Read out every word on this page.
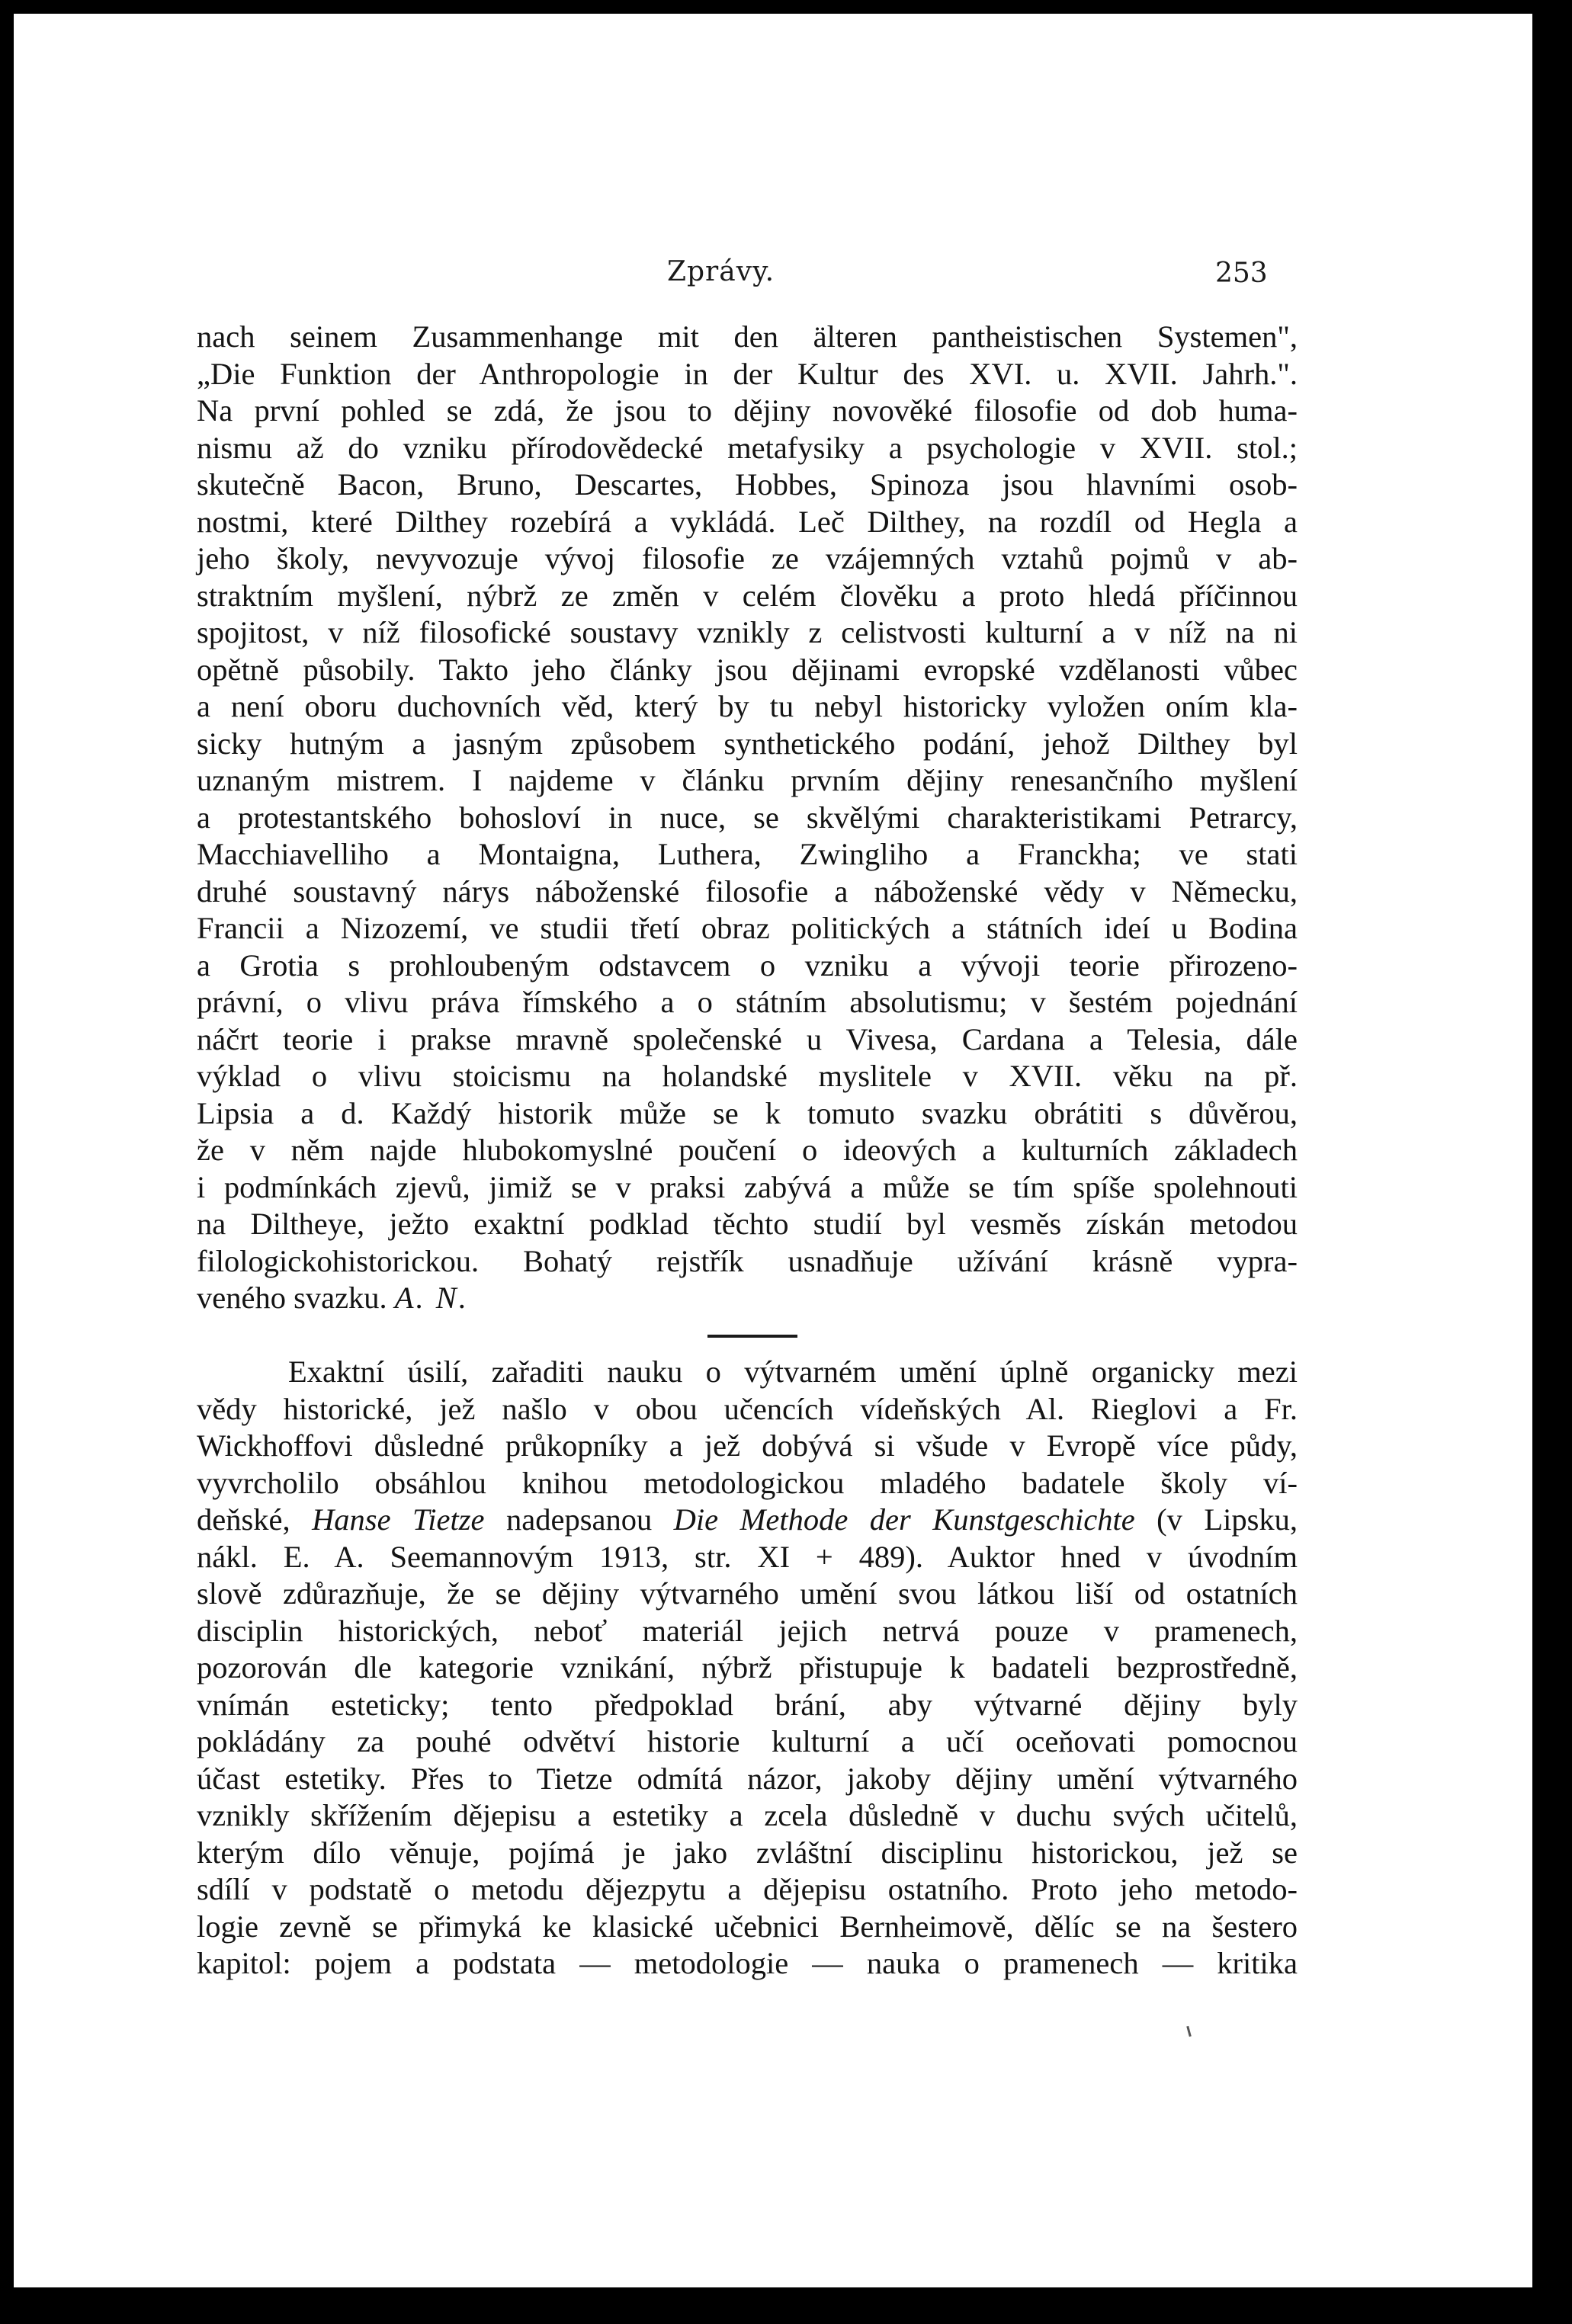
Zprávy.	253
nach seinem Zusammenhange mit den älteren pantheistischen Systemen",
„Die Funktion der Anthropologie in der Kultur des XVI. u. XVII. Jahrh.".
Na první pohled se zdá, že jsou to dějiny novověké filosofie od dob huma-
nismu až do vzniku přírodovědecké metafysiky a psychologie v XVII. stol.;
skutečně Bacon, Bruno, Descartes, Hobbes, Spinoza jsou hlavními osob-
nostmi, které Dilthey rozebírá a vykládá. Leč Dilthey, na rozdíl od Hegla a
jeho školy, nevyvozuje vývoj filosofie ze vzájemných vztahů pojmů v ab-
straktním myšlení, nýbrž ze změn v celém člověku a proto hledá příčinnou
spojitost, v níž filosofické soustavy vznikly z celistvosti kulturní a v níž na ni
opětně působily. Takto jeho články jsou dějinami evropské vzdělanosti vůbec
a není oboru duchovních věd, který by tu nebyl historicky vyložen oním kla-
sicky hutným a jasným způsobem synthetického podání, jehož Dilthey byl
uznaným mistrem. I najdeme v článku prvním dějiny renesančního myšlení
a protestantského bohosloví in nuce, se skvělými charakteristikami Petrarcy,
Macchiavelliho a Montaigna, Luthera, Zwingliho a Franckha; ve stati
druhé soustavný nárys náboženské filosofie a náboženské vědy v Německu,
Francii a Nizozemí, ve studii třetí obraz politických a státních ideí u Bodina
a Grotia s prohloubeným odstavcem o vzniku a vývoji teorie přirozeno-
právní, o vlivu práva římského a o státním absolutismu; v šestém pojednání
náčrt teorie i prakse mravně společenské u Vivesa, Cardana a Telesia, dále
výklad o vlivu stoicismu na holandské myslitele v XVII. věku na př.
Lipsia a d. Každý historik může se k tomuto svazku obrátiti s důvěrou,
že v něm najde hlubokomyslné poučení o ideových a kulturních základech
i podmínkách zjevů, jimiž se v praksi zabývá a může se tím spíše spolehnouti
na Diltheye, ježto exaktní podklad těchto studií byl vesměs získán metodou
filologickohistorickou. Bohatý rejstřík usnadňuje užívání krásně vypra-
veného svazku. A. N.
Exaktní úsilí, zařaditi nauku o výtvarném umění úplně organicky mezi
vědy historické, jež našlo v obou učencích vídeňských Al. Rieglovi a Fr.
Wickhoffovi důsledné průkopníky a jež dobývá si všude v Evropě více půdy,
vyvrcholilo obsáhlou knihou metodologickou mladého badatele školy ví-
deňské, Hanse Tietze nadepsanou Die Methode der Kunstgeschichte (v Lipsku,
nákl. E. A. Seemannovým 1913, str. XI + 489). Auktor hned v úvodním
slově zdůrazňuje, že se dějiny výtvarného umění svou látkou liší od ostatních
disciplin historických, neboť materiál jejich netrvá pouze v pramenech,
pozorován dle kategorie vznikání, nýbrž přistupuje k badateli bezprostředně,
vnímán esteticky; tento předpoklad brání, aby výtvarné dějiny byly
pokládány za pouhé odvětví historie kulturní a učí oceňovati pomocnou
účast estetiky. Přes to Tietze odmítá názor, jakoby dějiny umění výtvarného
vznikly skřížením dějepisu a estetiky a zcela důsledně v duchu svých učitelů,
kterým dílo věnuje, pojímá je jako zvláštní disciplinu historickou, jež se
sdílí v podstatě o metodu dějezpytu a dějepisu ostatního. Proto jeho metodo-
logie zevně se přimyká ke klasické učebnici Bernheimově, dělíc se na šestero
kapitol: pojem a podstata — metodologie — nauka o pramenech — kritika
